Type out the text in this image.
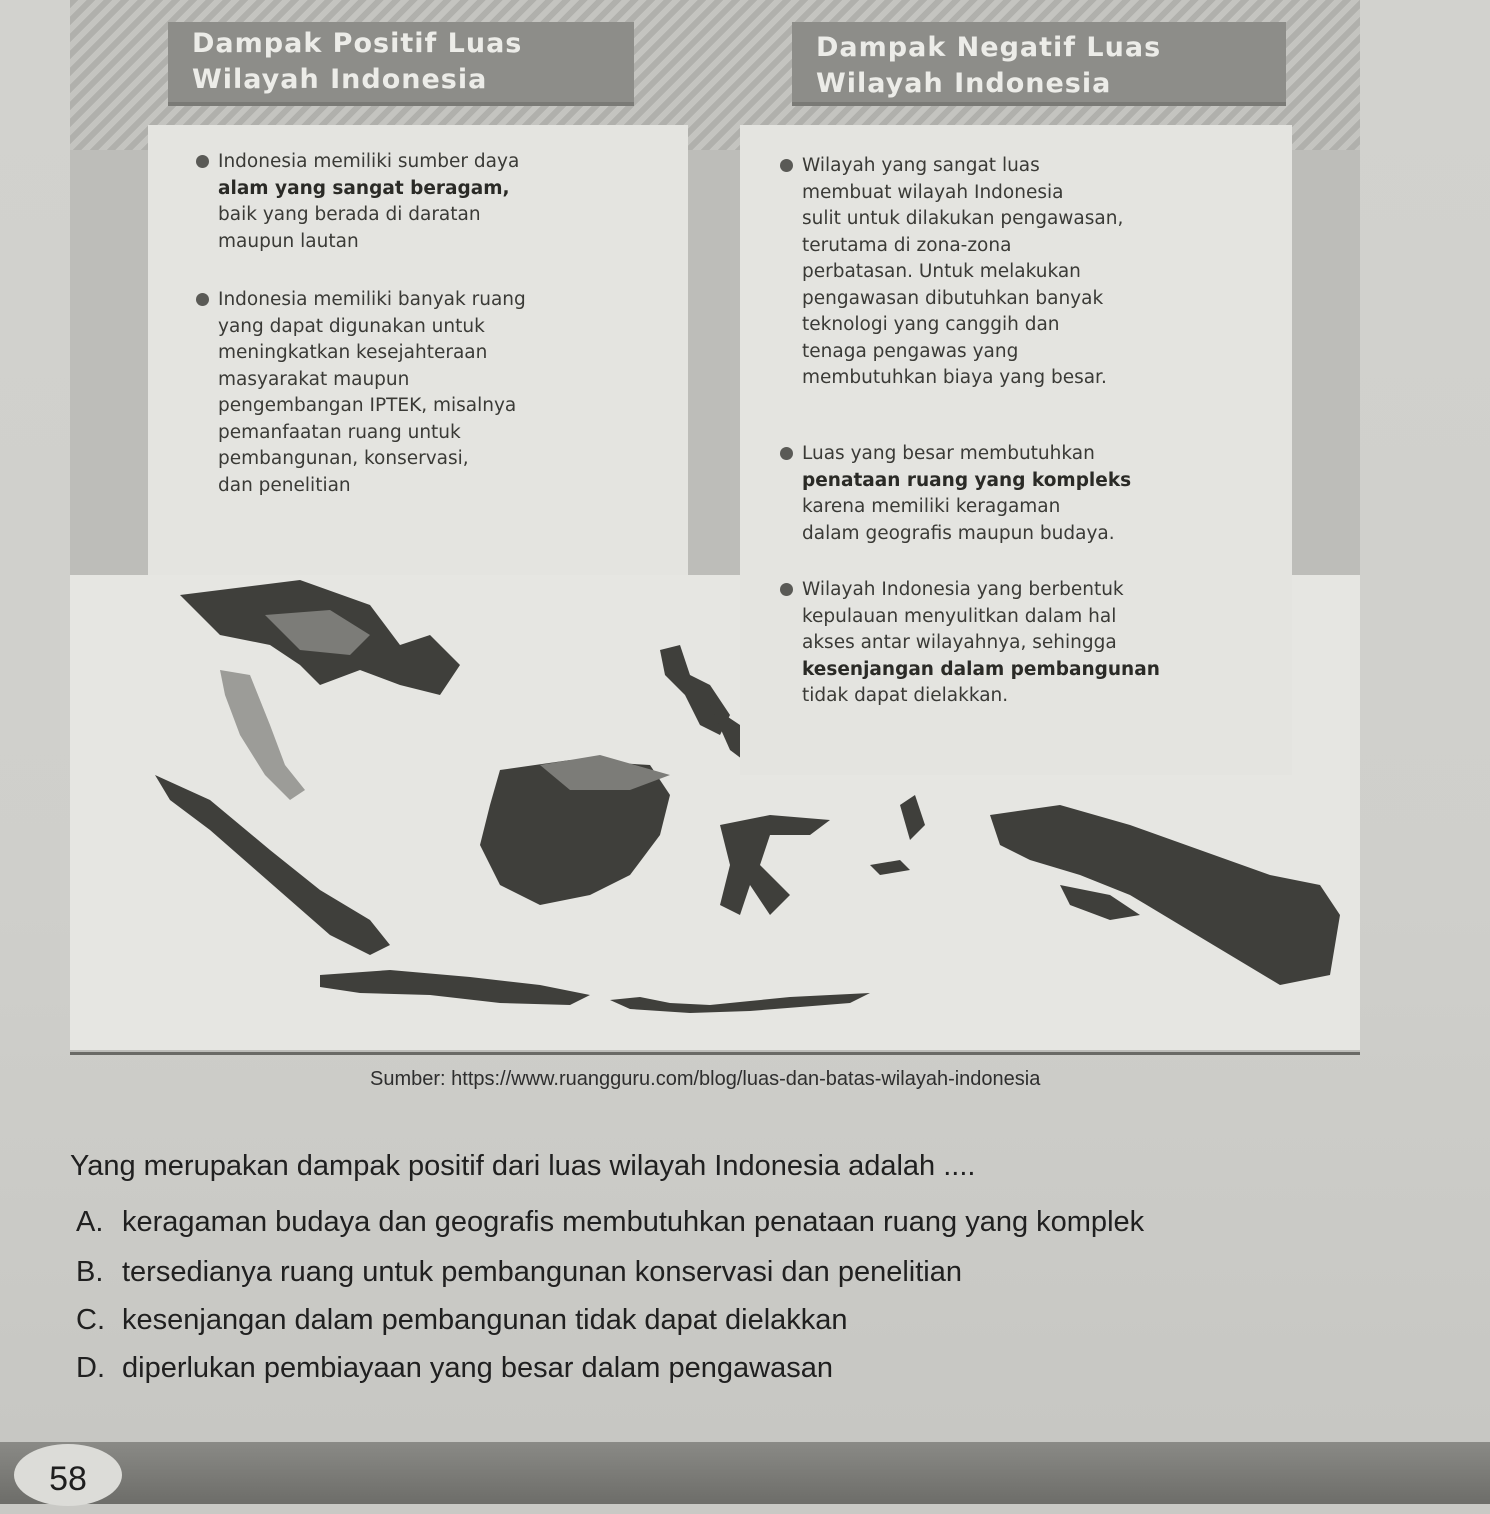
Dampak Positif Luas
Wilayah Indonesia
Dampak Negatif Luas
Wilayah Indonesia
Indonesia memiliki sumber daya
alam yang sangat beragam,
baik yang berada di daratan
maupun lautan
Indonesia memiliki banyak ruang
yang dapat digunakan untuk
meningkatkan kesejahteraan
masyarakat maupun
pengembangan IPTEK, misalnya
pemanfaatan ruang untuk
pembangunan, konservasi,
dan penelitian
Wilayah yang sangat luas
membuat wilayah Indonesia
sulit untuk dilakukan pengawasan,
terutama di zona-zona
perbatasan. Untuk melakukan
pengawasan dibutuhkan banyak
teknologi yang canggih dan
tenaga pengawas yang
membutuhkan biaya yang besar.
Luas yang besar membutuhkan
penataan ruang yang kompleks
karena memiliki keragaman
dalam geografis maupun budaya.
Wilayah Indonesia yang berbentuk
kepulauan menyulitkan dalam hal
akses antar wilayahnya, sehingga
kesenjangan dalam pembangunan
tidak dapat dielakkan.
Sumber: https://www.ruangguru.com/blog/luas-dan-batas-wilayah-indonesia
Yang merupakan dampak positif dari luas wilayah Indonesia adalah ....
A. keragaman budaya dan geografis membutuhkan penataan ruang yang komplek
B. tersedianya ruang untuk pembangunan konservasi dan penelitian
C. kesenjangan dalam pembangunan tidak dapat dielakkan
D. diperlukan pembiayaan yang besar dalam pengawasan
58
